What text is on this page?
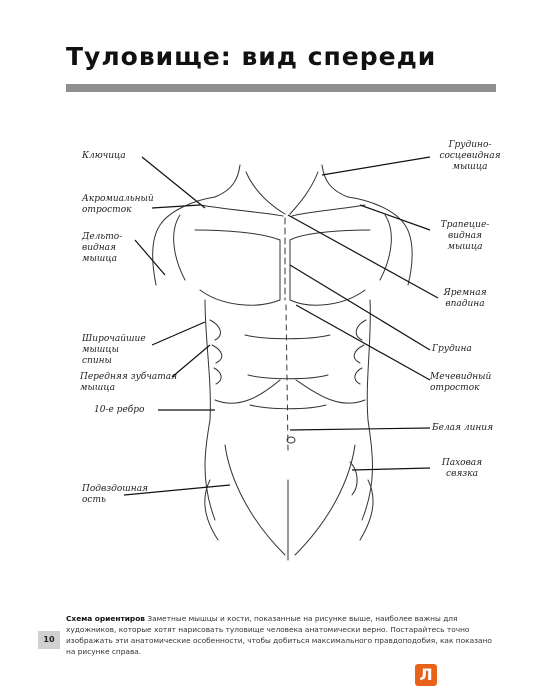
Туловище: вид спереди
Ключица
Акромиальный
отросток
Дельто-
видная
мышца
Широчайшие
мышцы
спины
Передняя зубчатая
мышца
10-е ребро
Подвздошная
ость
Грудино-
сосцевидная
мышца
Трапецие-
видная
мышца
Яремная
впадина
Грудина
Мечевидный
отросток
Белая линия
Паховая
связка
Схема ориентиров Заметные мышцы и кости, показанные на рисунке выше, наиболее важны для художников, которые хотят нарисовать туловище человека анатомически верно. Постарайтесь точно изображать эти анатомические особенности, чтобы добиться максимального правдоподобия, как показано на рисунке справа.
10
Л
